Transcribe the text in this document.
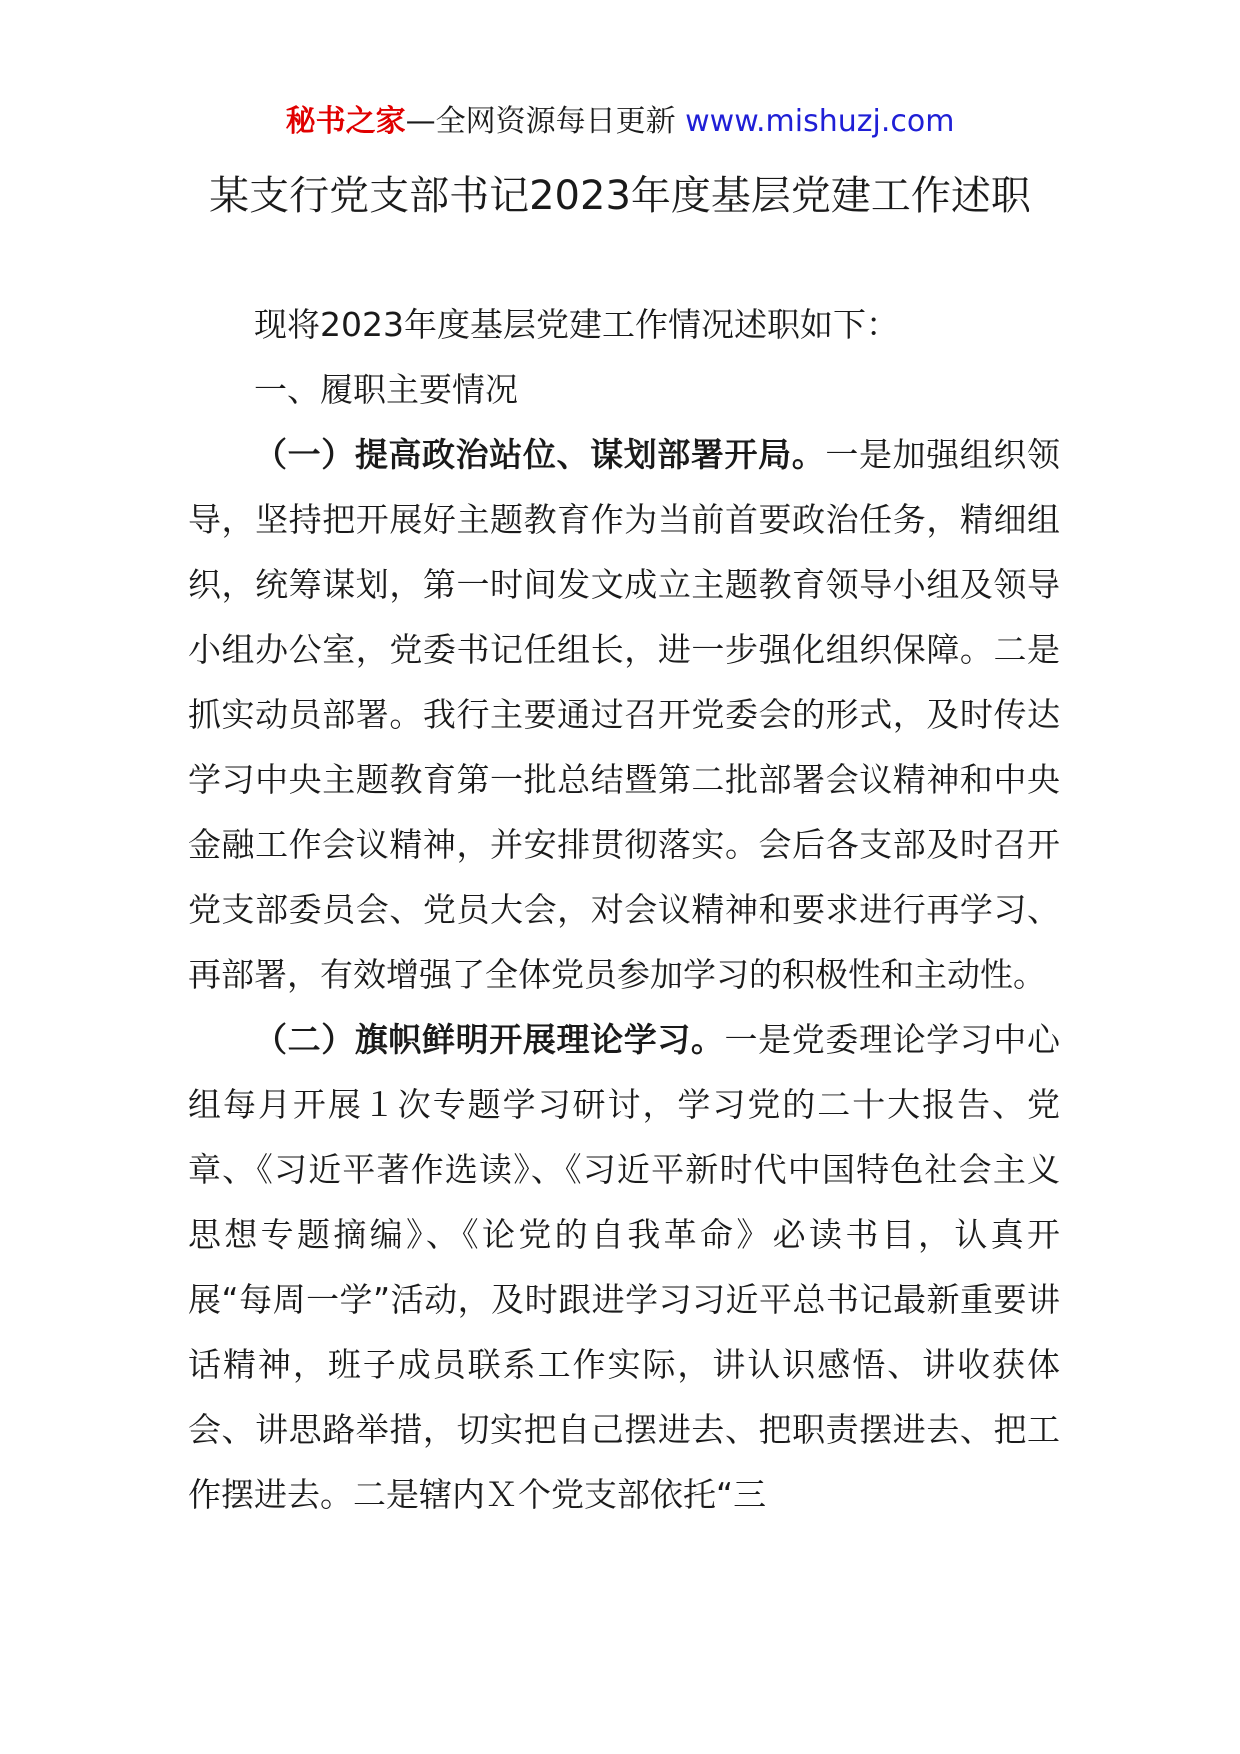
秘书之家—全网资源每日更新 www.mishuzj.com
某支行党支部书记2023年度基层党建工作述职

现将2023年度基层党建工作情况述职如下：

一、履职主要情况

（一）提高政治站位、谋划部署开局。一是加强组织领导，坚持把开展好主题教育作为当前首要政治任务，精细组织，统筹谋划，第一时间发文成立主题教育领导小组及领导小组办公室，党委书记任组长，进一步强化组织保障。二是抓实动员部署。我行主要通过召开党委会的形式，及时传达学习中央主题教育第一批总结暨第二批部署会议精神和中央金融工作会议精神，并安排贯彻落实。会后各支部及时召开党支部委员会、党员大会，对会议精神和要求进行再学习、再部署，有效增强了全体党员参加学习的积极性和主动性。

（二）旗帜鲜明开展理论学习。一是党委理论学习中心组每月开展１次专题学习研讨，学习党的二十大报告、党章、《习近平著作选读》、《习近平新时代中国特色社会主义思想专题摘编》、《论党的自我革命》必读书目，认真开展“每周一学”活动，及时跟进学习习近平总书记最新重要讲话精神，班子成员联系工作实际，讲认识感悟、讲收获体会、讲思路举措，切实把自己摆进去、把职责摆进去、把工作摆进去。二是辖内Ｘ个党支部依托“三
